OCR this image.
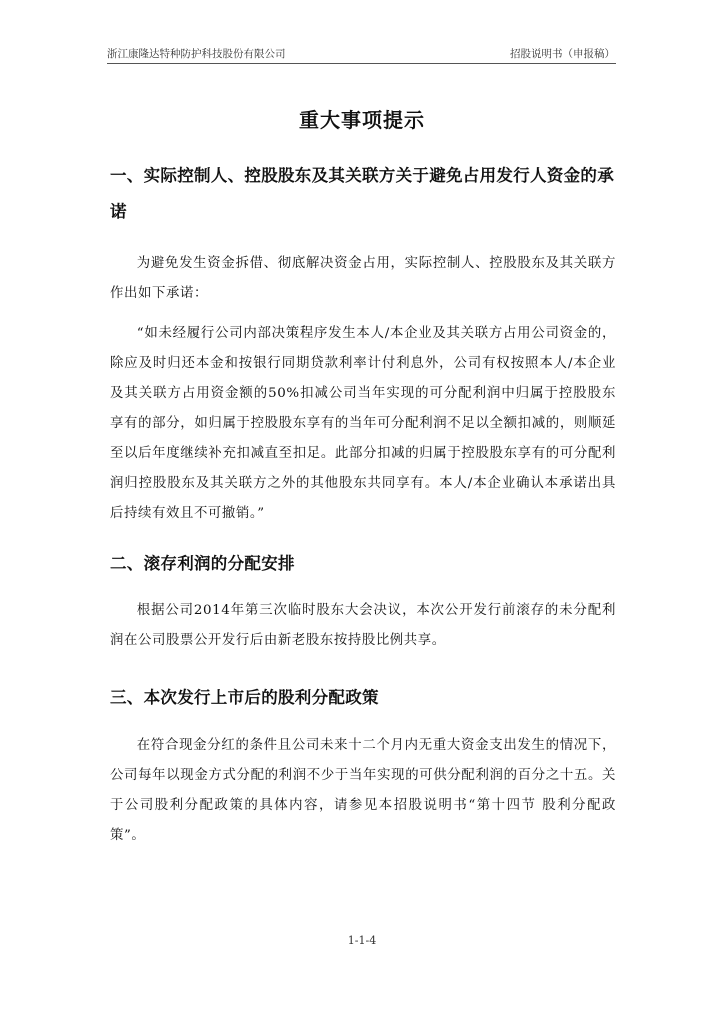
浙江康隆达特种防护科技股份有限公司	招股说明书（申报稿）
重大事项提示
一、实际控制人、控股股东及其关联方关于避免占用发行人资金的承诺
为避免发生资金拆借、彻底解决资金占用，实际控制人、控股股东及其关联方作出如下承诺：
“如未经履行公司内部决策程序发生本人/本企业及其关联方占用公司资金的，除应及时归还本金和按银行同期贷款利率计付利息外，公司有权按照本人/本企业及其关联方占用资金额的50%扣减公司当年实现的可分配利润中归属于控股股东享有的部分，如归属于控股股东享有的当年可分配利润不足以全额扣减的，则顺延至以后年度继续补充扣减直至扣足。此部分扣减的归属于控股股东享有的可分配利润归控股股东及其关联方之外的其他股东共同享有。本人/本企业确认本承诺出具后持续有效且不可撤销。”
二、滚存利润的分配安排
根据公司2014年第三次临时股东大会决议，本次公开发行前滚存的未分配利润在公司股票公开发行后由新老股东按持股比例共享。
三、本次发行上市后的股利分配政策
在符合现金分红的条件且公司未来十二个月内无重大资金支出发生的情况下，公司每年以现金方式分配的利润不少于当年实现的可供分配利润的百分之十五。关于公司股利分配政策的具体内容，请参见本招股说明书“第十四节 股利分配政策”。
1-1-4
